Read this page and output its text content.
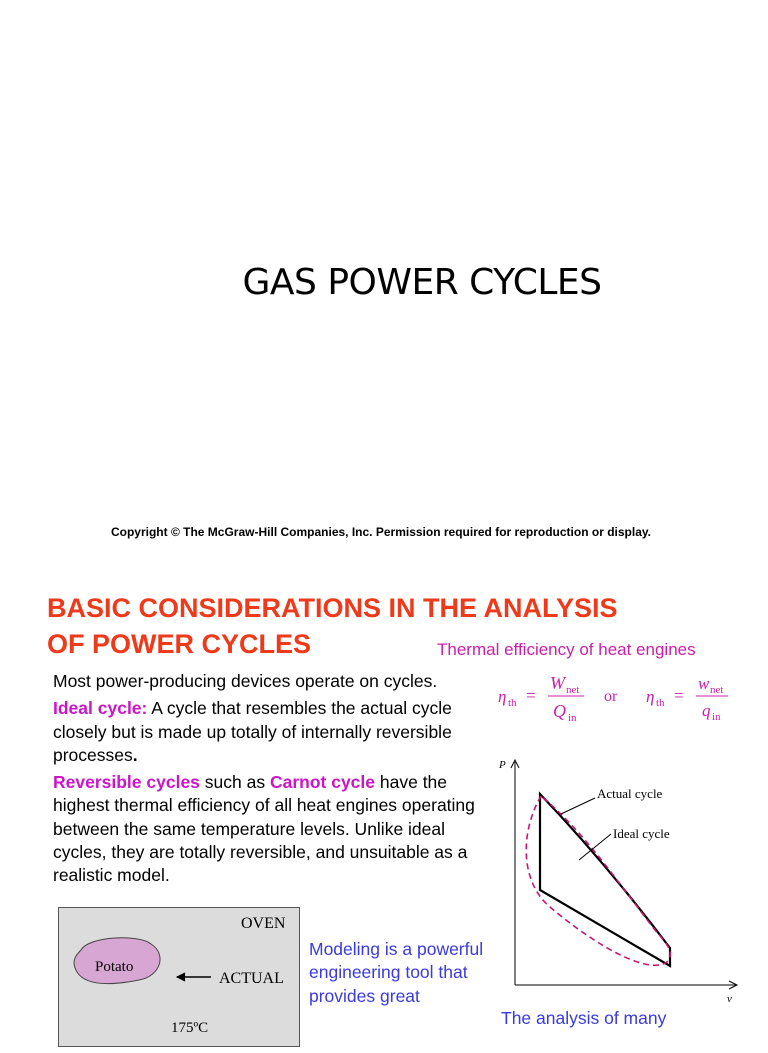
GAS POWER CYCLES
Copyright © The McGraw-Hill Companies, Inc. Permission required for reproduction or display.
BASIC CONSIDERATIONS IN THE ANALYSIS
OF POWER CYCLES	Thermal efficiency of heat engines

Most power-producing devices operate on cycles.

Ideal cycle: A cycle that resembles the actual cycle closely but is made up totally of internally reversible processes.

Reversible cycles such as Carnot cycle have the highest thermal efficiency of all heat engines operating between the same temperature levels. Unlike ideal cycles, they are totally reversible, and unsuitable as a realistic model.

η th =
W net
Q in
or η th =
w net
q in
P
v
Actual cycle
Ideal cycle
OVEN
Potato
ACTUAL
175ºC
Modeling is a powerful engineering tool that provides great
The analysis of many
